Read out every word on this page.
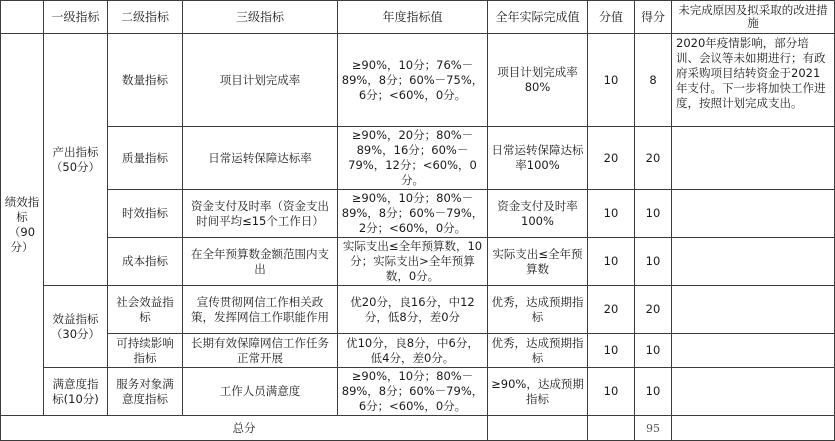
	一级指标	二级指标	三级指标	年度指标值	全年实际完成值	分值	得分	未完成原因及拟采取的改进措施
绩效指标（90分）	产出指标（50分）	数量指标	项目计划完成率	≥90%，10分；76%－89%，8分；60%－75%，6分；<60%，0分。	项目计划完成率80%	10	8	2020年疫情影响，部分培训、会议等未如期进行；有政府采购项目结转资金于2021年支付。下一步将加快工作进度，按照计划完成支出。
		质量指标	日常运转保障达标率	≥90%，20分；80%－89%，16分；60%－79%，12分；<60%，0分。	日常运转保障达标率100%	20	20	
		时效指标	资金支付及时率（资金支出时间平均≤15个工作日）	≥90%，10分；80%－89%，8分；60%－79%，2分；<60%，0分。	资金支付及时率100%	10	10	
		成本指标	在全年预算数金额范围内支出	实际支出≤全年预算数，10分；实际支出>全年预算数，0分。	实际支出≤全年预算数	10	10	
	效益指标（30分）	社会效益指标	宣传贯彻网信工作相关政策，发挥网信工作职能作用	优20分，良16分，中12分，低8分，差0分	优秀，达成预期指标	20	20	
		可持续影响指标	长期有效保障网信工作任务正常开展	优10分，良8分，中6分，低4分，差0分。	优秀，达成预期指标	10	10	
	满意度指标(10分)	服务对象满意度指标	工作人员满意度	≥90%，10分；80%－89%，8分；60%－79%，6分；<60%，0分。	≥90%，达成预期指标	10	10	
总分							95	
